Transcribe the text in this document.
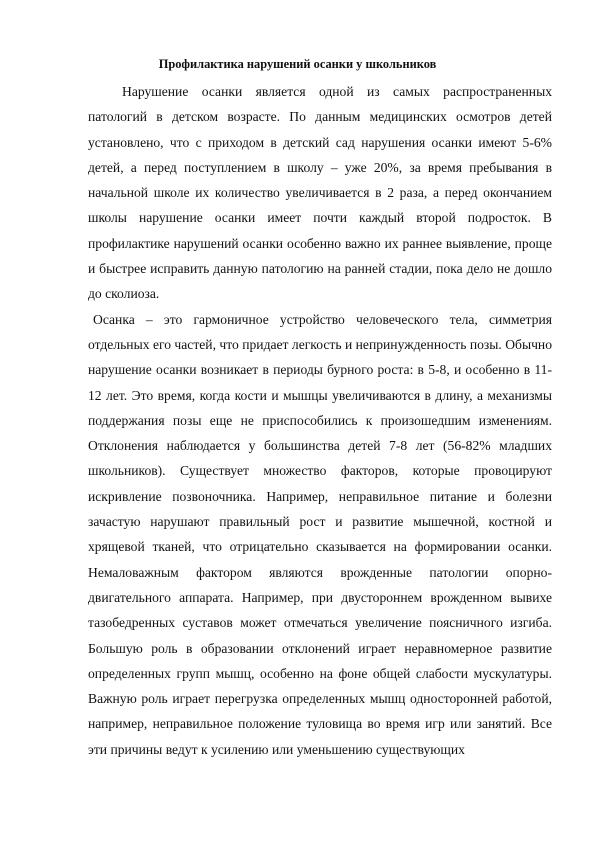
Профилактика нарушений осанки у школьников

Нарушение осанки является одной из самых распространенных патологий в детском возрасте. По данным медицинских осмотров детей установлено, что с приходом в детский сад нарушения осанки имеют 5-6% детей, а перед поступлением в школу – уже 20%, за время пребывания в начальной школе их количество увеличивается в 2 раза, а перед окончанием школы нарушение осанки имеет почти каждый второй подросток. В профилактике нарушений осанки особенно важно их раннее выявление, проще и быстрее исправить данную патологию на ранней стадии, пока дело не дошло до сколиоза.

Осанка – это гармоничное устройство человеческого тела, симметрия отдельных его частей, что придает легкость и непринужденность позы. Обычно нарушение осанки возникает в периоды бурного роста: в 5-8, и особенно в 11-12 лет. Это время, когда кости и мышцы увеличиваются в длину, а механизмы поддержания позы еще не приспособились к произошедшим изменениям. Отклонения наблюдается у большинства детей 7-8 лет (56-82% младших школьников). Существует множество факторов, которые провоцируют искривление позвоночника. Например, неправильное питание и болезни зачастую нарушают правильный рост и развитие мышечной, костной и хрящевой тканей, что отрицательно сказывается на формировании осанки. Немаловажным фактором являются врожденные патологии опорно-двигательного аппарата. Например, при двустороннем врожденном вывихе тазобедренных суставов может отмечаться увеличение поясничного изгиба. Большую роль в образовании отклонений играет неравномерное развитие определенных групп мышц, особенно на фоне общей слабости мускулатуры. Важную роль играет перегрузка определенных мышц односторонней работой, например, неправильное положение туловища во время игр или занятий. Все эти причины ведут к усилению или уменьшению существующих
